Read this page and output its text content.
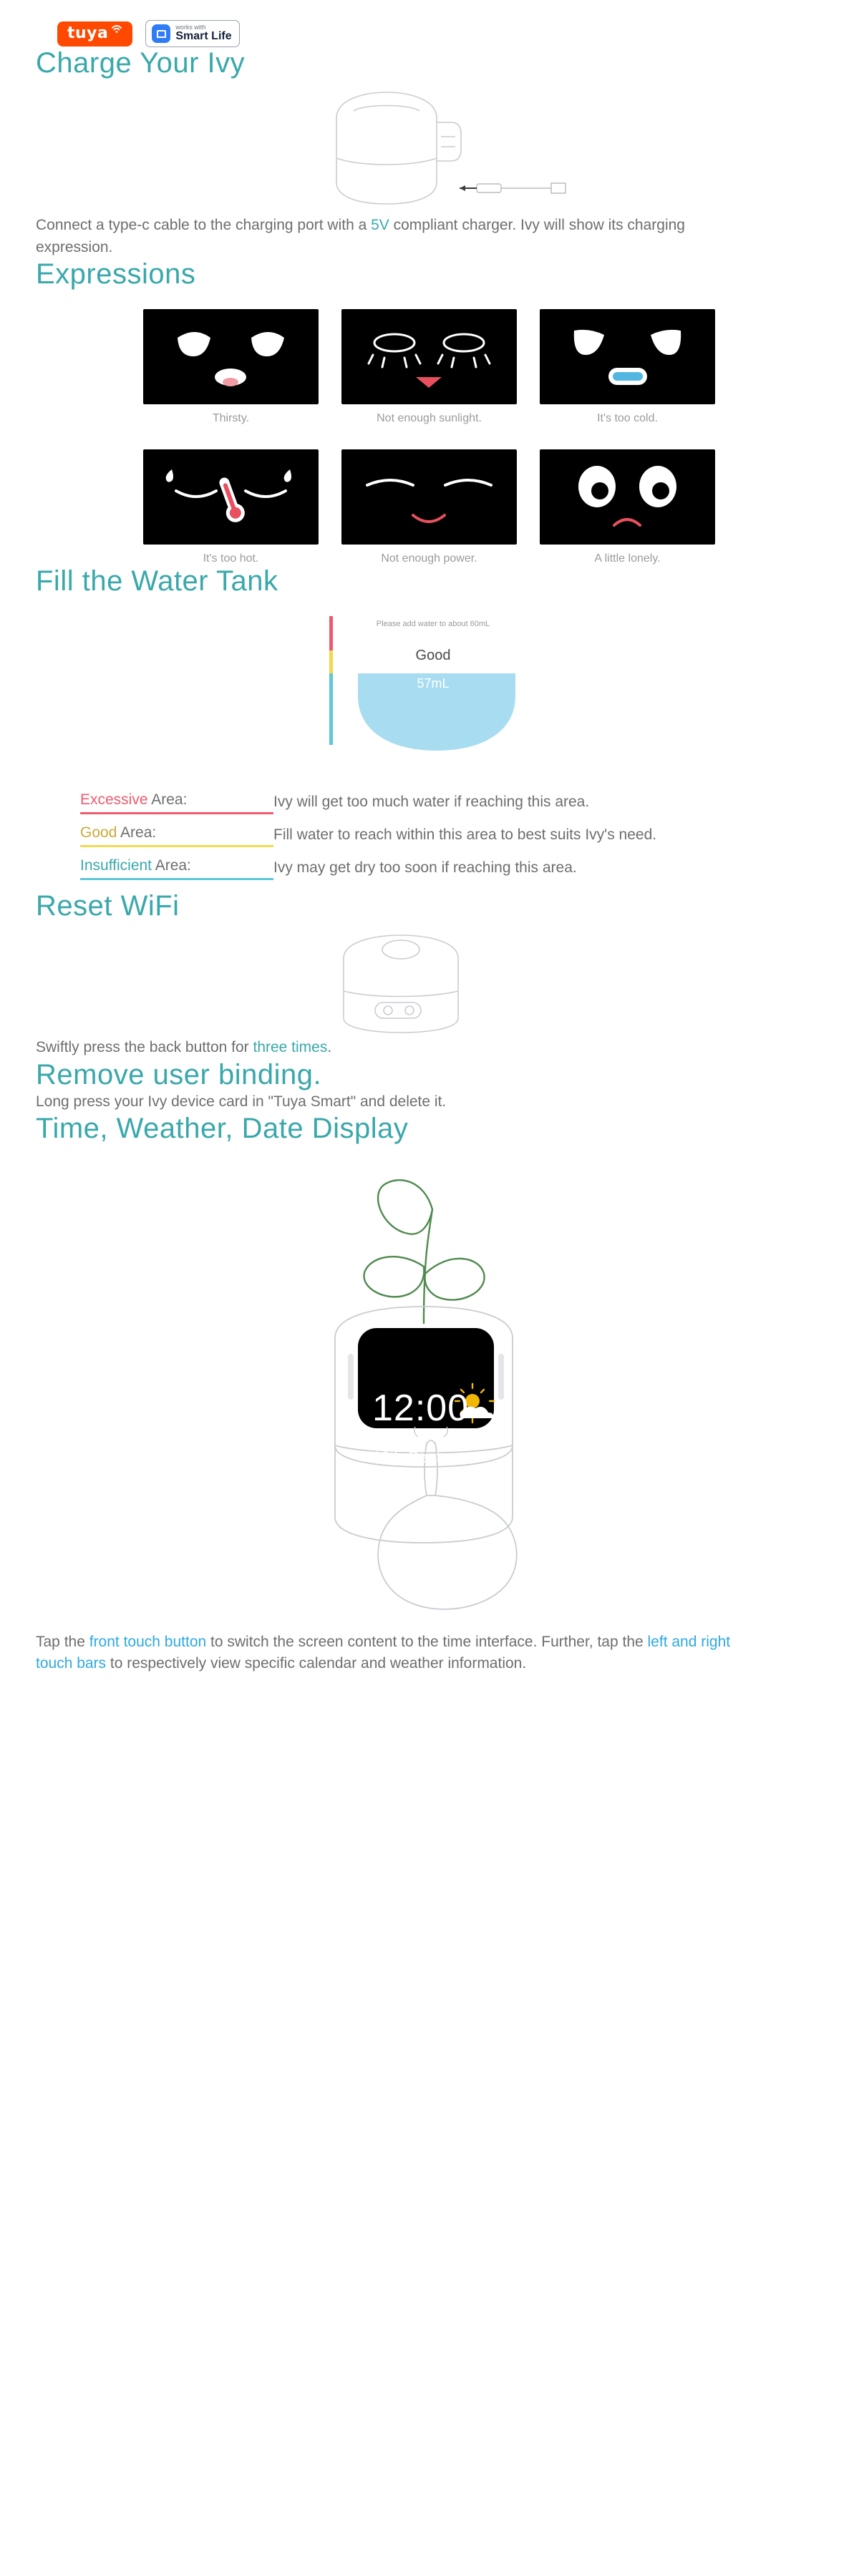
tuya	works with
Smart Life
Charge Your Ivy

Connect a type-c cable to the charging port with a 5V compliant charger. Ivy will show its charging expression.

Expressions
Thirsty.	Not enough sunlight.	It's too cold.
It's too hot.	Not enough power.	A little lonely.
Fill the Water Tank
Please add water to about 60mL
Good
57mL
Excessive Area:	Ivy will get too much water if reaching this area.
Good Area:	Fill water to reach within this area to best suits Ivy's need.
Insufficient Area:	Ivy may get dry too soon if reaching this area.
Reset WiFi

Swiftly press the back button for three times.

Remove user binding.

Long press your Ivy device card in "Tuya Smart" and delete it.

Time, Weather, Date Display
12:00
TUE
20th-Sept.

Tap the front touch button to switch the screen content to the time interface. Further, tap the left and right touch bars to respectively view specific calendar and weather information.
